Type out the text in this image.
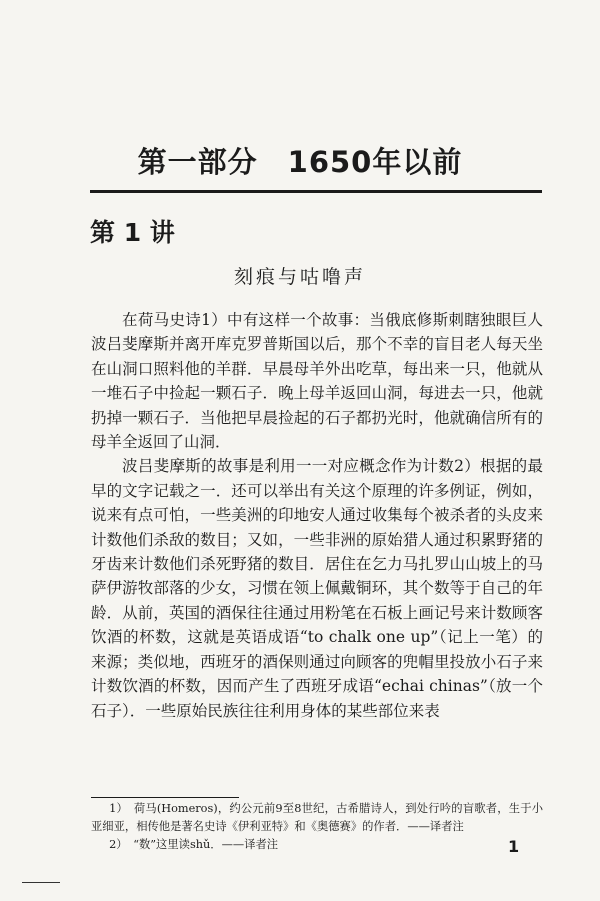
第一部分　1650年以前
第 1 讲
刻痕与咕噜声

在荷马史诗1）中有这样一个故事：当俄底修斯刺瞎独眼巨人波吕斐摩斯并离开库克罗普斯国以后，那个不幸的盲目老人每天坐在山洞口照料他的羊群．早晨母羊外出吃草，每出来一只，他就从一堆石子中捡起一颗石子．晚上母羊返回山洞，每进去一只，他就扔掉一颗石子．当他把早晨捡起的石子都扔光时，他就确信所有的母羊全返回了山洞．

波吕斐摩斯的故事是利用一一对应概念作为计数2）根据的最早的文字记载之一．还可以举出有关这个原理的许多例证，例如，说来有点可怕，一些美洲的印地安人通过收集每个被杀者的头皮来计数他们杀敌的数目；又如，一些非洲的原始猎人通过积累野猪的牙齿来计数他们杀死野猪的数目．居住在乞力马扎罗山山坡上的马萨伊游牧部落的少女，习惯在领上佩戴铜环，其个数等于自己的年龄．从前，英国的酒保往往通过用粉笔在石板上画记号来计数顾客饮酒的杯数，这就是英语成语“to chalk one up”（记上一笔）的来源；类似地，西班牙的酒保则通过向顾客的兜帽里投放小石子来计数饮酒的杯数，因而产生了西班牙成语“echai chinas”（放一个石子）．一些原始民族往往利用身体的某些部位来表

1）　荷马(Homeros)，约公元前9至8世纪，古希腊诗人，到处行吟的盲歌者，生于小亚细亚，相传他是著名史诗《伊利亚特》和《奥德赛》的作者．——译者注
2）　“数”这里读shǔ．——译者注	1
